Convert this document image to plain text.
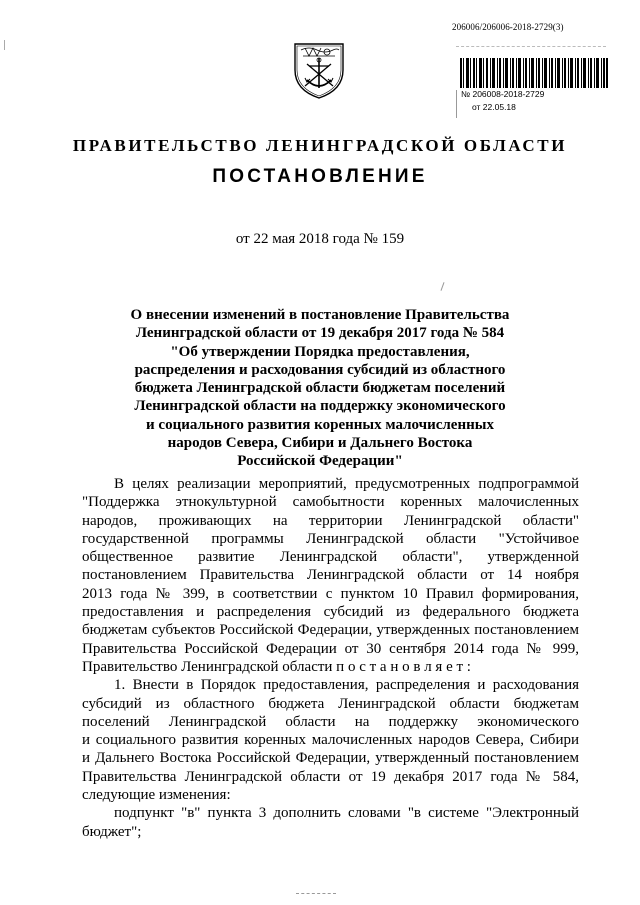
206006/206006-2018-2729(3)
№ 206008-2018-2729
от 22.05.18
ПРАВИТЕЛЬСТВО ЛЕНИНГРАДСКОЙ ОБЛАСТИ
ПОСТАНОВЛЕНИЕ
от 22 мая 2018 года № 159
О внесении изменений в постановление Правительства
Ленинградской области от 19 декабря 2017 года № 584
"Об утверждении Порядка предоставления,
распределения и расходования субсидий из областного
бюджета Ленинградской области бюджетам поселений
Ленинградской области на поддержку экономического
и социального развития коренных малочисленных
народов Севера, Сибири и Дальнего Востока
Российской Федерации"
В целях реализации мероприятий, предусмотренных подпрограммой
"Поддержка этнокультурной самобытности коренных малочисленных
народов, проживающих на территории Ленинградской области"
государственной программы Ленинградской области "Устойчивое
общественное развитие Ленинградской области", утвержденной
постановлением Правительства Ленинградской области от 14 ноября
2013 года № 399, в соответствии с пунктом 10 Правил формирования,
предоставления и распределения субсидий из федерального бюджета
бюджетам субъектов Российской Федерации, утвержденных постановлением
Правительства Российской Федерации от 30 сентября 2014 года № 999,
Правительство Ленинградской области п о с т а н о в л я е т :
1. Внести в Порядок предоставления, распределения и расходования
субсидий из областного бюджета Ленинградской области бюджетам
поселений Ленинградской области на поддержку экономического
и социального развития коренных малочисленных народов Севера, Сибири
и Дальнего Востока Российской Федерации, утвержденный постановлением
Правительства Ленинградской области от 19 декабря 2017 года № 584,
следующие изменения:
подпункт "в" пункта 3 дополнить словами "в системе "Электронный
бюджет";
